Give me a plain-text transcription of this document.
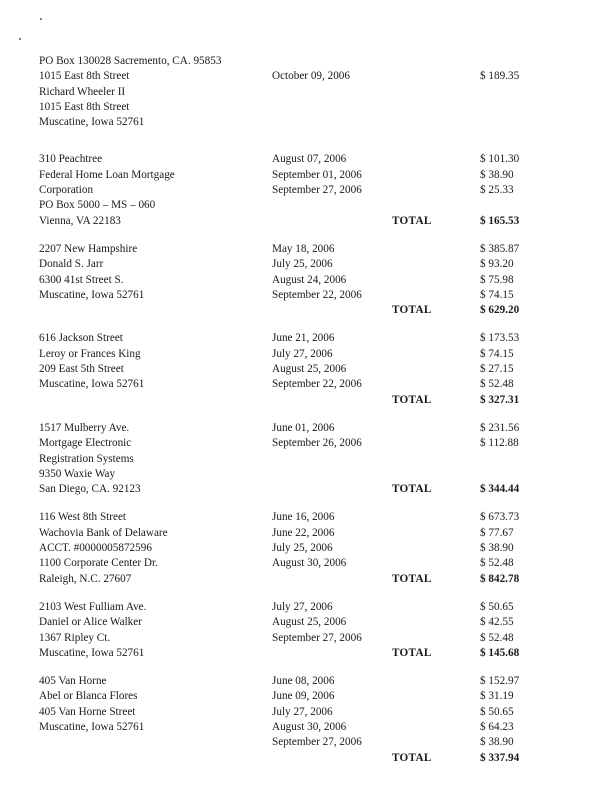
PO Box 130028 Sacremento, CA. 95853
1015 East 8th Street	October 09, 2006	$ 189.35
Richard Wheeler II
1015 East 8th Street
Muscatine, Iowa 52761
310 Peachtree	August 07, 2006	$ 101.30
Federal Home Loan Mortgage	September 01, 2006	$ 38.90
Corporation	September 27, 2006	$ 25.33
PO Box 5000 – MS – 060
Vienna, VA 22183	TOTAL	$ 165.53
2207 New Hampshire	May 18, 2006	$ 385.87
Donald S. Jarr	July 25, 2006	$ 93.20
6300 41st Street S.	August 24, 2006	$ 75.98
Muscatine, Iowa 52761	September 22, 2006	$ 74.15
TOTAL	$ 629.20
616 Jackson Street	June 21, 2006	$ 173.53
Leroy or Frances King	July 27, 2006	$ 74.15
209 East 5th Street	August 25, 2006	$ 27.15
Muscatine, Iowa 52761	September 22, 2006	$ 52.48
TOTAL	$ 327.31
1517 Mulberry Ave.	June 01, 2006	$ 231.56
Mortgage Electronic	September 26, 2006	$ 112.88
Registration Systems
9350 Waxie Way
San Diego, CA. 92123	TOTAL	$ 344.44
116 West 8th Street	June 16, 2006	$ 673.73
Wachovia Bank of Delaware	June 22, 2006	$ 77.67
ACCT. #0000005872596	July 25, 2006	$ 38.90
1100 Corporate Center Dr.	August 30, 2006	$ 52.48
Raleigh, N.C. 27607	TOTAL	$ 842.78
2103 West Fulliam Ave.	July 27, 2006	$ 50.65
Daniel or Alice Walker	August 25, 2006	$ 42.55
1367 Ripley Ct.	September 27, 2006	$ 52.48
Muscatine, Iowa 52761	TOTAL	$ 145.68
405 Van Horne	June 08, 2006	$ 152.97
Abel or Blanca Flores	June 09, 2006	$ 31.19
405 Van Horne Street	July 27, 2006	$ 50.65
Muscatine, Iowa 52761	August 30, 2006	$ 64.23
September 27, 2006	$ 38.90
TOTAL	$ 337.94
